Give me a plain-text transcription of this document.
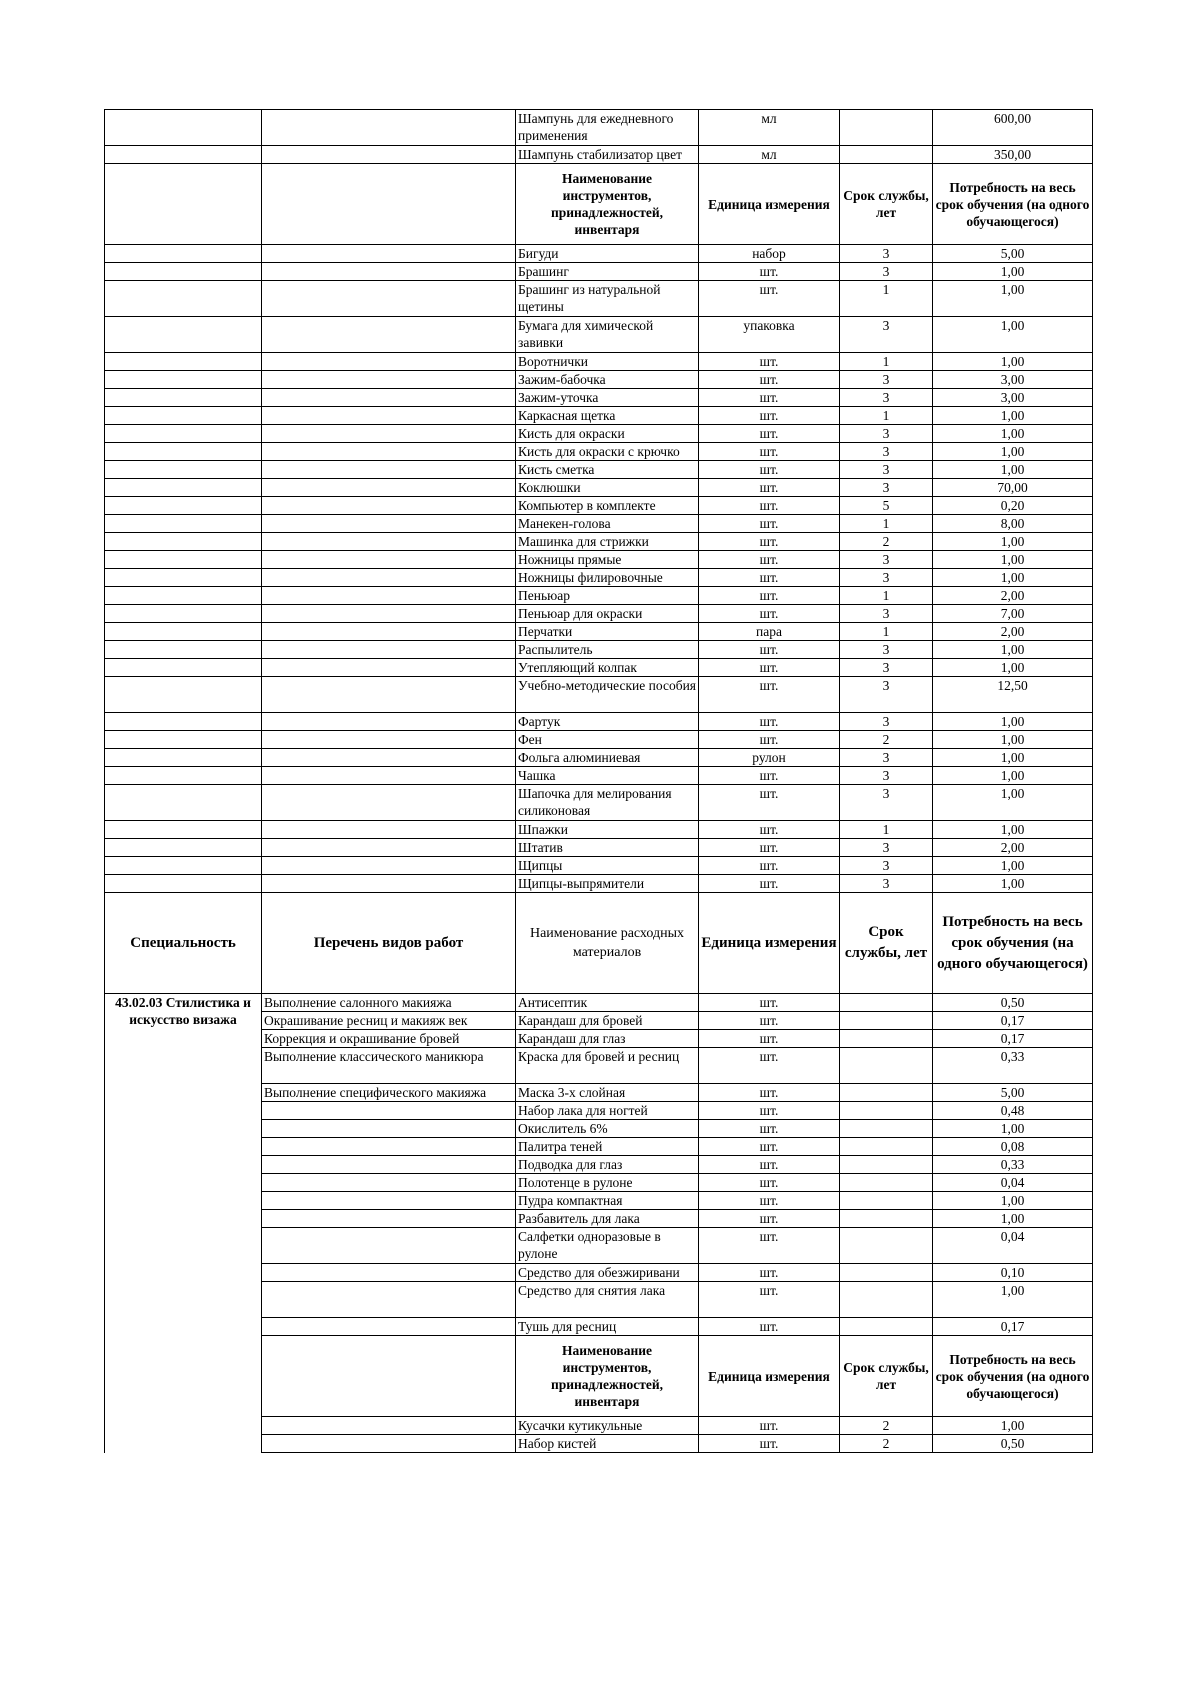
		Шампунь для ежедневного применения	мл		600,00
		Шампунь стабилизатор цвет	мл		350,00
		Наименование инструментов, принадлежностей, инвентаря	Единица измерения	Срок службы, лет	Потребность на весь срок обучения (на одного обучающегося)
		Бигуди	набор	3	5,00
		Брашинг	шт.	3	1,00
		Брашинг из натуральной щетины	шт.	1	1,00
		Бумага для химической завивки	упаковка	3	1,00
		Воротнички	шт.	1	1,00
		Зажим-бабочка	шт.	3	3,00
		Зажим-уточка	шт.	3	3,00
		Каркасная щетка	шт.	1	1,00
		Кисть для окраски	шт.	3	1,00
		Кисть для окраски с крючко	шт.	3	1,00
		Кисть сметка	шт.	3	1,00
		Коклюшки	шт.	3	70,00
		Компьютер в комплекте	шт.	5	0,20
		Манекен-голова	шт.	1	8,00
		Машинка для стрижки	шт.	2	1,00
		Ножницы прямые	шт.	3	1,00
		Ножницы филировочные	шт.	3	1,00
		Пеньюар	шт.	1	2,00
		Пеньюар для окраски	шт.	3	7,00
		Перчатки	пара	1	2,00
		Распылитель	шт.	3	1,00
		Утепляющий колпак	шт.	3	1,00
		Учебно-методические пособия	шт.	3	12,50
		Фартук	шт.	3	1,00
		Фен	шт.	2	1,00
		Фольга алюминиевая	рулон	3	1,00
		Чашка	шт.	3	1,00
		Шапочка для мелирования силиконовая	шт.	3	1,00
		Шпажки	шт.	1	1,00
		Штатив	шт.	3	2,00
		Щипцы	шт.	3	1,00
		Щипцы-выпрямители	шт.	3	1,00
Специальность	Перечень видов работ	Наименование расходных материалов	Единица измерения	Срок службы, лет	Потребность на весь срок обучения (на одного обучающегося)
43.02.03 Стилистика и искусство визажа	Выполнение салонного макияжа	Антисептик	шт.		0,50
	Окрашивание ресниц и макияж век	Карандаш для бровей	шт.		0,17
	Коррекция и окрашивание бровей	Карандаш для глаз	шт.		0,17
	Выполнение классического маникюра	Краска для бровей и ресниц	шт.		0,33
	Выполнение специфического макияжа	Маска 3-х слойная	шт.		5,00
		Набор лака для ногтей	шт.		0,48
		Окислитель 6%	шт.		1,00
		Палитра теней	шт.		0,08
		Подводка для глаз	шт.		0,33
		Полотенце в рулоне	шт.		0,04
		Пудра компактная	шт.		1,00
		Разбавитель для лака	шт.		1,00
		Салфетки одноразовые в рулоне	шт.		0,04
		Средство для обезжиривани	шт.		0,10
		Средство для снятия лака	шт.		1,00
		Тушь для ресниц	шт.		0,17
		Наименование инструментов, принадлежностей, инвентаря	Единица измерения	Срок службы, лет	Потребность на весь срок обучения (на одного обучающегося)
		Кусачки кутикульные	шт.	2	1,00
		Набор кистей	шт.	2	0,50
